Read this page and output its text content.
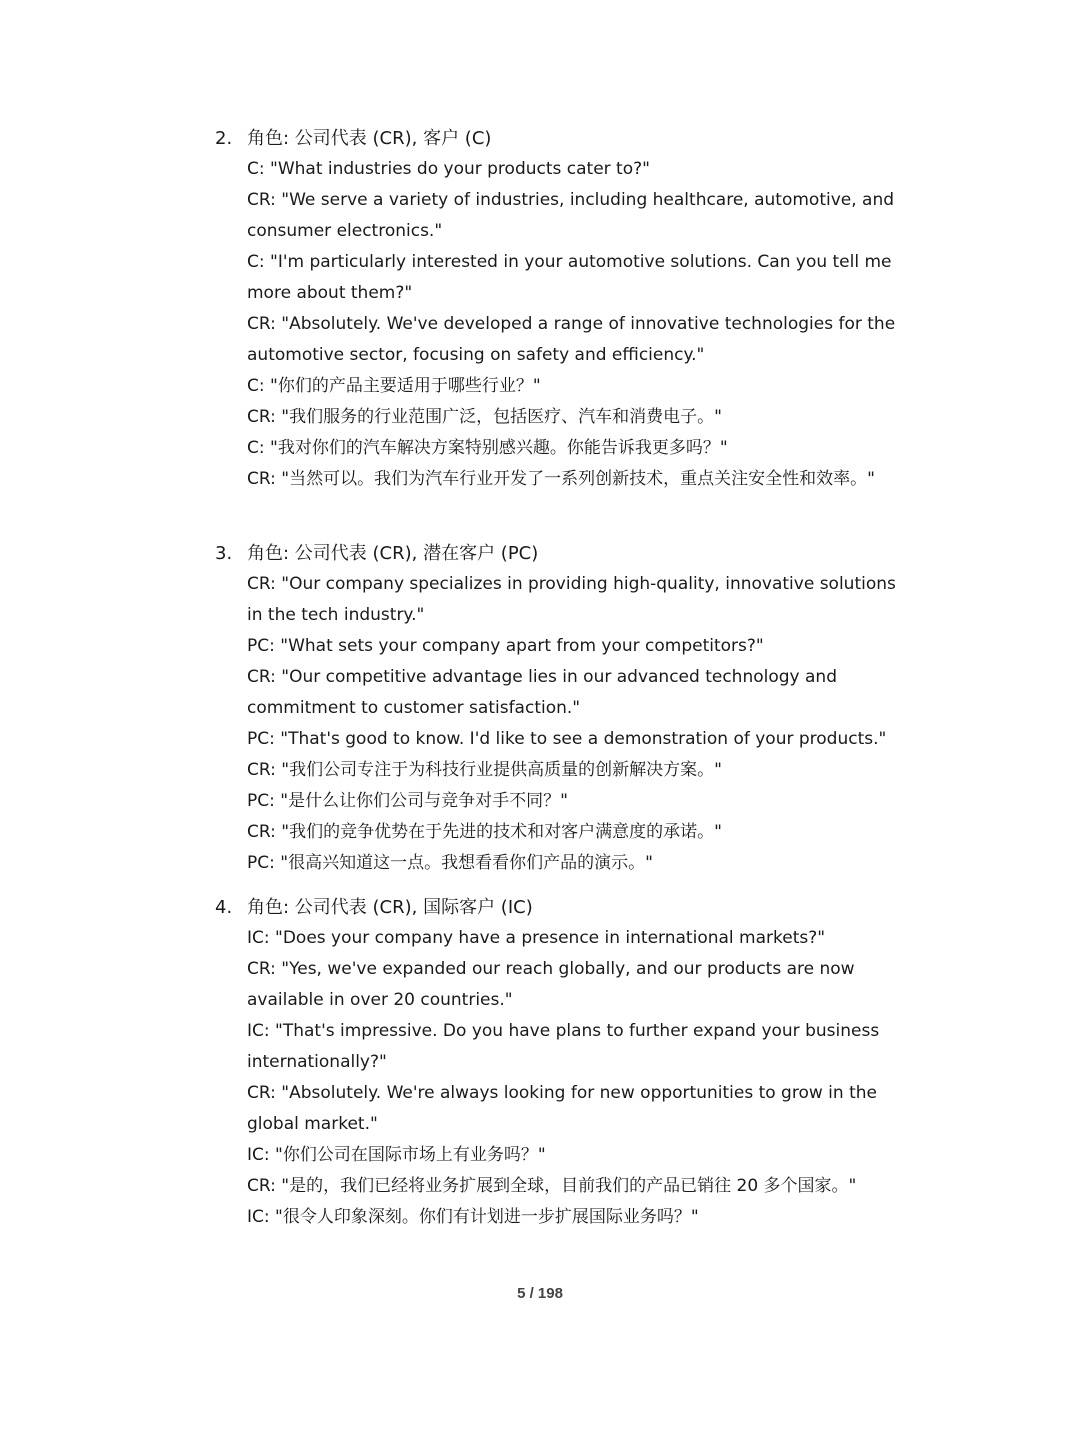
2. 角色: 公司代表 (CR), 客户 (C)

C: "What industries do your products cater to?"

CR: "We serve a variety of industries, including healthcare, automotive, and consumer electronics."

C: "I'm particularly interested in your automotive solutions. Can you tell me more about them?"

CR: "Absolutely. We've developed a range of innovative technologies for the automotive sector, focusing on safety and efficiency."

C: "你们的产品主要适用于哪些行业？"

CR: "我们服务的行业范围广泛，包括医疗、汽车和消费电子。"

C: "我对你们的汽车解决方案特别感兴趣。你能告诉我更多吗？"

CR: "当然可以。我们为汽车行业开发了一系列创新技术，重点关注安全性和效率。"

3. 角色: 公司代表 (CR), 潜在客户 (PC)

CR: "Our company specializes in providing high-quality, innovative solutions in the tech industry."

PC: "What sets your company apart from your competitors?"

CR: "Our competitive advantage lies in our advanced technology and commitment to customer satisfaction."

PC: "That's good to know. I'd like to see a demonstration of your products."

CR: "我们公司专注于为科技行业提供高质量的创新解决方案。"

PC: "是什么让你们公司与竞争对手不同？"

CR: "我们的竞争优势在于先进的技术和对客户满意度的承诺。"

PC: "很高兴知道这一点。我想看看你们产品的演示。"

4. 角色: 公司代表 (CR), 国际客户 (IC)

IC: "Does your company have a presence in international markets?"

CR: "Yes, we've expanded our reach globally, and our products are now available in over 20 countries."

IC: "That's impressive. Do you have plans to further expand your business internationally?"

CR: "Absolutely. We're always looking for new opportunities to grow in the global market."

IC: "你们公司在国际市场上有业务吗？"

CR: "是的，我们已经将业务扩展到全球，目前我们的产品已销往 20 多个国家。"

IC: "很令人印象深刻。你们有计划进一步扩展国际业务吗？"

5 / 198
